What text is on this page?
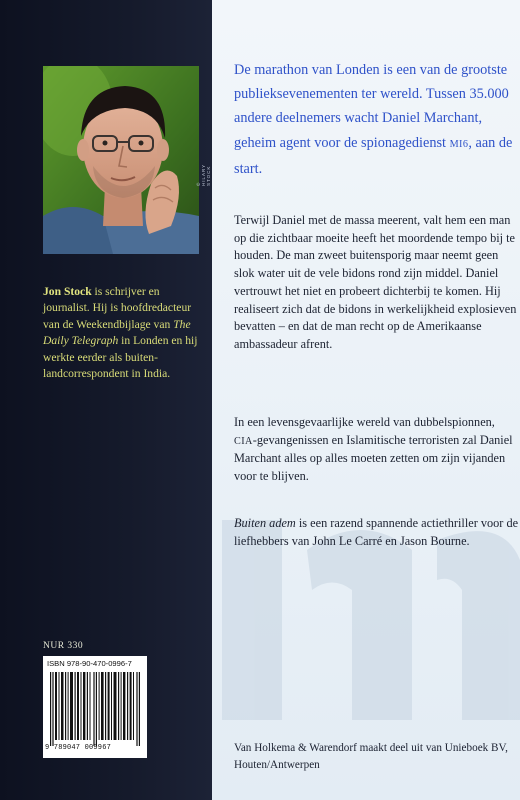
© HILARY STOCK
Jon Stock is schrijver en journalist. Hij is hoofdredacteur van de Weekendbijlage van The Daily Telegraph in Londen en hij werkte eerder als buitenlandcorrespondent in India.
NUR 330
ISBN 978-90-470-0996-7
9 789047 009967
De marathon van Londen is een van de grootste publieksevenementen ter wereld. Tussen 35.000 andere deelnemers wacht Daniel Marchant, geheim agent voor de spionagedienst MI6, aan de start.
Terwijl Daniel met de massa meerent, valt hem een man op die zichtbaar moeite heeft het moordende tempo bij te houden. De man zweet buitensporig maar neemt geen slok water uit de vele bidons rond zijn middel. Daniel vertrouwt het niet en probeert dichterbij te komen. Hij realiseert zich dat de bidons in werkelijkheid explosieven bevatten – en dat de man recht op de Amerikaanse ambassadeur afrent.
In een levensgevaarlijke wereld van dubbelspionnen, CIA-gevangenissen en Islamitische terroristen zal Daniel Marchant alles op alles moeten zetten om zijn vijanden voor te blijven.
Buiten adem is een razend spannende actiethriller voor de liefhebbers van John Le Carré en Jason Bourne.
Van Holkema & Warendorf maakt deel uit van Unieboek BV, Houten/Antwerpen
